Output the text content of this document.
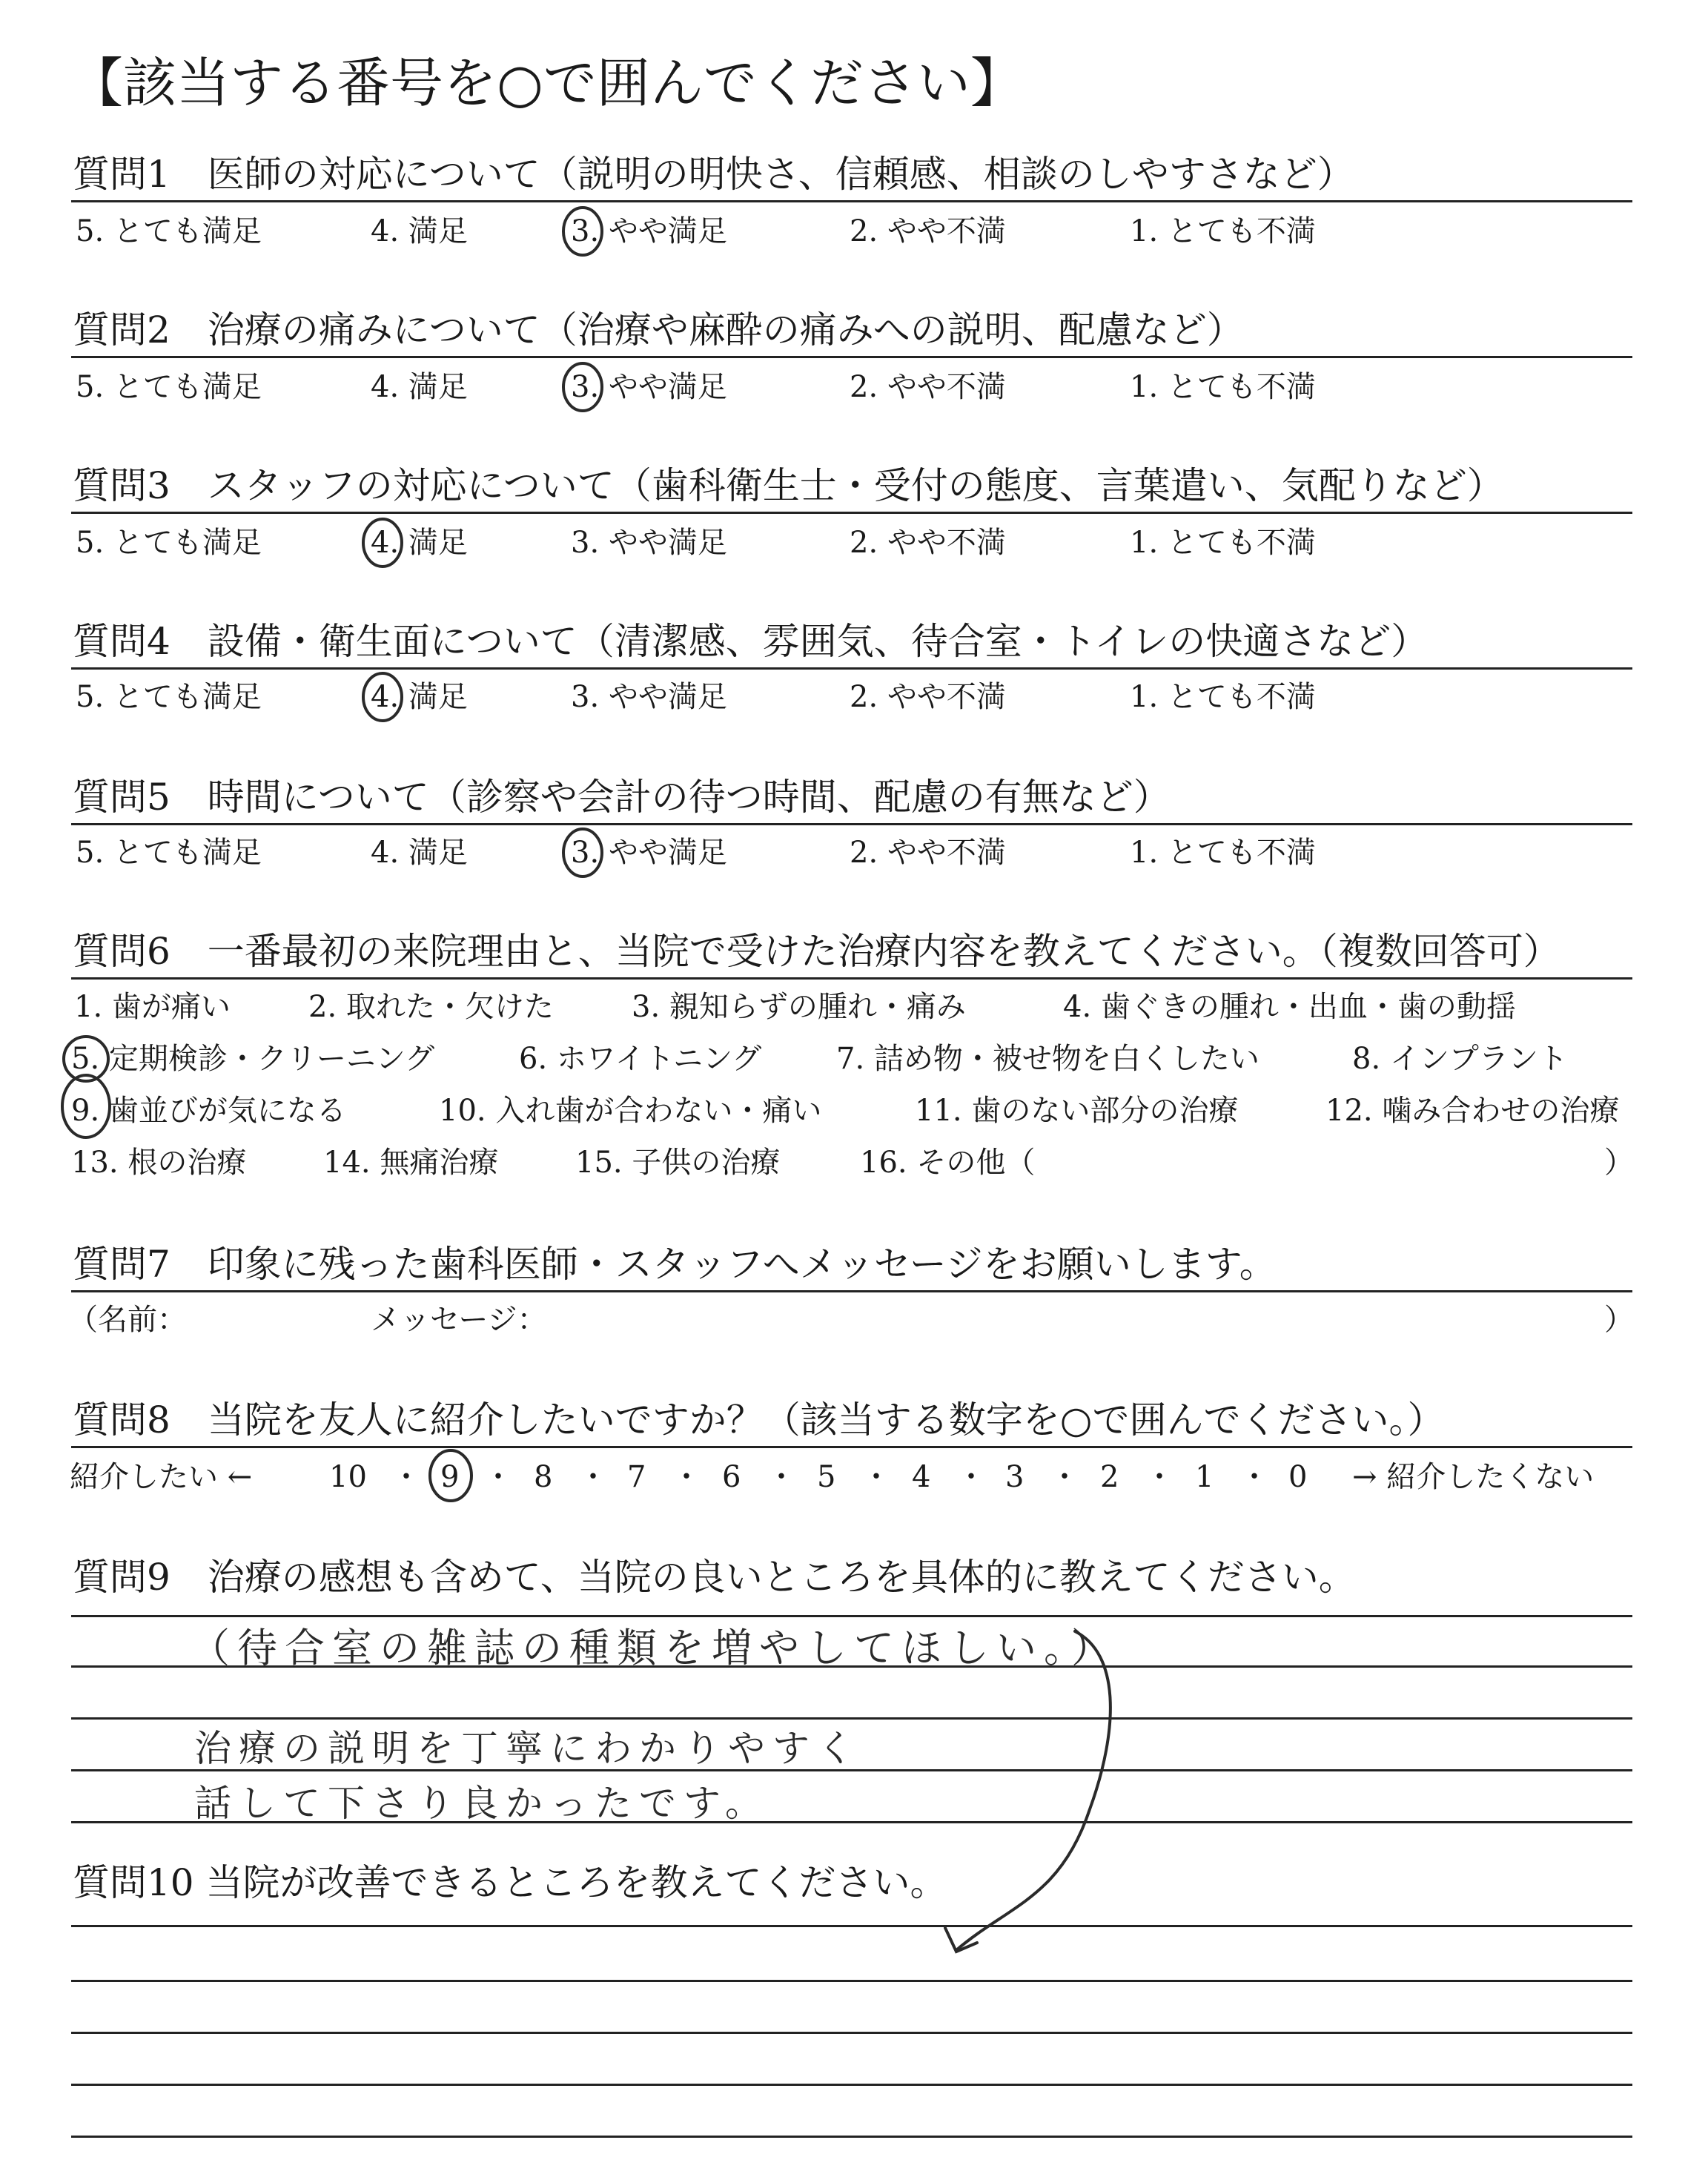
【該当する番号を○で囲んでください】
質問1　医師の対応について（説明の明快さ、信頼感、相談のしやすさなど）
5. とても満足	4. 満足	3. やや満足	2. やや不満	1. とても不満
質問2　治療の痛みについて（治療や麻酔の痛みへの説明、配慮など）
5. とても満足	4. 満足	3. やや満足	2. やや不満	1. とても不満
質問3　スタッフの対応について（歯科衛生士・受付の態度、言葉遣い、気配りなど）
5. とても満足	4. 満足	3. やや満足	2. やや不満	1. とても不満
質問4　設備・衛生面について（清潔感、雰囲気、待合室・トイレの快適さなど）
5. とても満足	4. 満足	3. やや満足	2. やや不満	1. とても不満
質問5　時間について（診察や会計の待つ時間、配慮の有無など）
5. とても満足	4. 満足	3. やや満足	2. やや不満	1. とても不満
質問6　一番最初の来院理由と、当院で受けた治療内容を教えてください。（複数回答可）
1. 歯が痛い	2. 取れた・欠けた	3. 親知らずの腫れ・痛み	4. 歯ぐきの腫れ・出血・歯の動揺
5. 定期検診・クリーニング	6. ホワイトニング	7. 詰め物・被せ物を白くしたい	8. インプラント
9. 歯並びが気になる	10. 入れ歯が合わない・痛い	11. 歯のない部分の治療	12. 噛み合わせの治療
13. 根の治療	14. 無痛治療	15. 子供の治療	16. その他（	）
質問7　印象に残った歯科医師・スタッフへメッセージをお願いします。
（名前：	メッセージ：	）
質問8　当院を友人に紹介したいですか？（該当する数字を○で囲んでください。）
紹介したい ←	→ 紹介したくない
10 ・ 9 ・ 8 ・ 7 ・ 6 ・ 5 ・ 4 ・ 3 ・ 2 ・ 1 ・ 0
質問9　治療の感想も含めて、当院の良いところを具体的に教えてください。
（待合室の雑誌の種類を増やしてほしい。）
治療の説明を丁寧にわかりやすく
話して下さり良かったです。
質問10 当院が改善できるところを教えてください。
